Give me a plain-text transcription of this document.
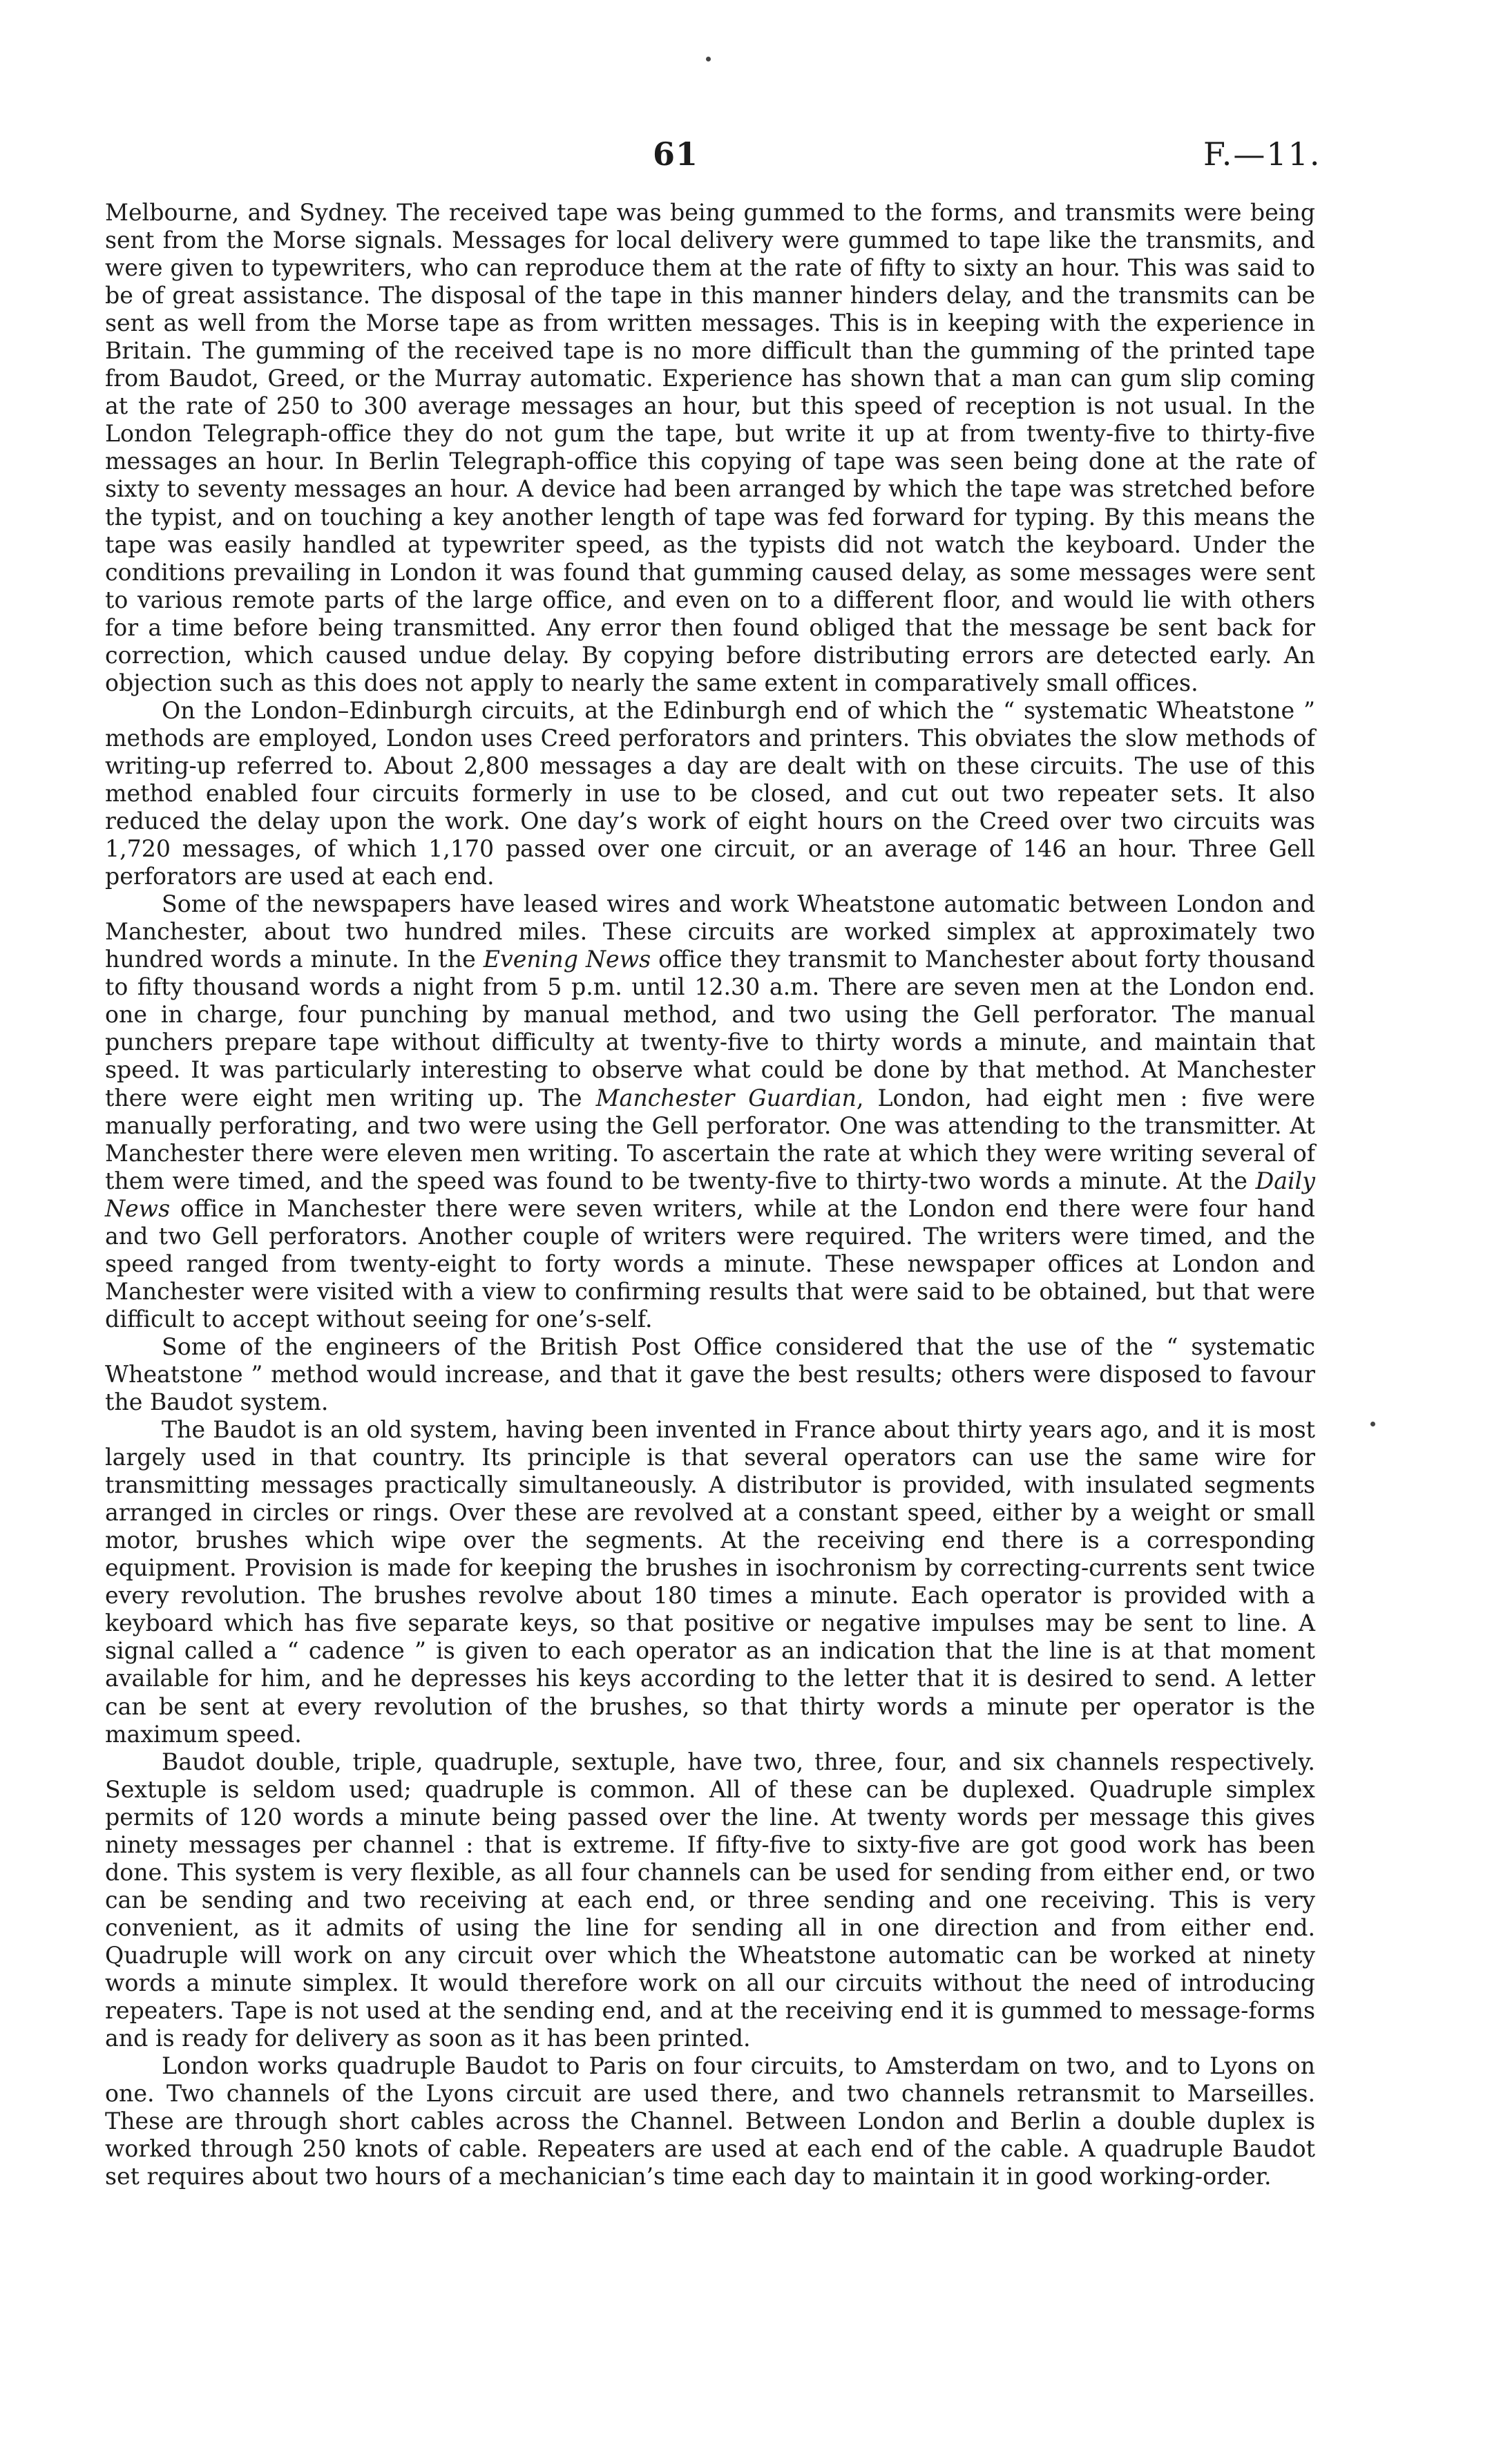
61	F.—11.

Melbourne, and Sydney. The received tape was being gummed to the forms, and transmits were being sent from the Morse signals. Messages for local delivery were gummed to tape like the transmits, and were given to typewriters, who can reproduce them at the rate of fifty to sixty an hour. This was said to be of great assistance. The disposal of the tape in this manner hinders delay, and the transmits can be sent as well from the Morse tape as from written messages. This is in keeping with the experience in Britain. The gumming of the received tape is no more difficult than the gumming of the printed tape from Baudot, Greed, or the Murray automatic. Experience has shown that a man can gum slip coming at the rate of 250 to 300 average messages an hour, but this speed of reception is not usual. In the London Telegraph-office they do not gum the tape, but write it up at from twenty-five to thirty-five messages an hour. In Berlin Telegraph-office this copying of tape was seen being done at the rate of sixty to seventy messages an hour. A device had been arranged by which the tape was stretched before the typist, and on touching a key another length of tape was fed forward for typing. By this means the tape was easily handled at typewriter speed, as the typists did not watch the keyboard. Under the conditions prevailing in London it was found that gumming caused delay, as some messages were sent to various remote parts of the large office, and even on to a different floor, and would lie with others for a time before being transmitted. Any error then found obliged that the message be sent back for correction, which caused undue delay. By copying before distributing errors are detected early. An objection such as this does not apply to nearly the same extent in comparatively small offices.

On the London–Edinburgh circuits, at the Edinburgh end of which the “ systematic Wheatstone ” methods are employed, London uses Creed perforators and printers. This obviates the slow methods of writing-up referred to. About 2,800 messages a day are dealt with on these circuits. The use of this method enabled four circuits formerly in use to be closed, and cut out two repeater sets. It also reduced the delay upon the work. One day’s work of eight hours on the Creed over two circuits was 1,720 messages, of which 1,170 passed over one circuit, or an average of 146 an hour. Three Gell perforators are used at each end.

Some of the newspapers have leased wires and work Wheatstone automatic between London and Manchester, about two hundred miles. These circuits are worked simplex at approximately two hundred words a minute. In the Evening News office they transmit to Manchester about forty thousand to fifty thousand words a night from 5 p.m. until 12.30 a.m. There are seven men at the London end. one in charge, four punching by manual method, and two using the Gell perforator. The manual punchers prepare tape without difficulty at twenty-five to thirty words a minute, and maintain that speed. It was particularly interesting to observe what could be done by that method. At Manchester there were eight men writing up. The Manchester Guardian, London, had eight men : five were manually perforating, and two were using the Gell perforator. One was attending to the transmitter. At Manchester there were eleven men writing. To ascertain the rate at which they were writing several of them were timed, and the speed was found to be twenty-five to thirty-two words a minute. At the Daily News office in Manchester there were seven writers, while at the London end there were four hand and two Gell perforators. Another couple of writers were required. The writers were timed, and the speed ranged from twenty-eight to forty words a minute. These newspaper offices at London and Manchester were visited with a view to confirming results that were said to be obtained, but that were difficult to accept without seeing for one’s-self.

Some of the engineers of the British Post Office considered that the use of the “ systematic Wheatstone ” method would increase, and that it gave the best results; others were disposed to favour the Baudot system.

The Baudot is an old system, having been invented in France about thirty years ago, and it is most largely used in that country. Its principle is that several operators can use the same wire for transmitting messages practically simultaneously. A distributor is provided, with insulated segments arranged in circles or rings. Over these are revolved at a constant speed, either by a weight or small motor, brushes which wipe over the segments. At the receiving end there is a corresponding equipment. Provision is made for keeping the brushes in isochronism by correcting-currents sent twice every revolution. The brushes revolve about 180 times a minute. Each operator is provided with a keyboard which has five separate keys, so that positive or negative impulses may be sent to line. A signal called a “ cadence ” is given to each operator as an indication that the line is at that moment available for him, and he depresses his keys according to the letter that it is desired to send. A letter can be sent at every revolution of the brushes, so that thirty words a minute per operator is the maximum speed.

Baudot double, triple, quadruple, sextuple, have two, three, four, and six channels respectively. Sextuple is seldom used; quadruple is common. All of these can be duplexed. Quadruple simplex permits of 120 words a minute being passed over the line. At twenty words per message this gives ninety messages per channel : that is extreme. If fifty-five to sixty-five are got good work has been done. This system is very flexible, as all four channels can be used for sending from either end, or two can be sending and two receiving at each end, or three sending and one receiving. This is very convenient, as it admits of using the line for sending all in one direction and from either end. Quadruple will work on any circuit over which the Wheatstone automatic can be worked at ninety words a minute simplex. It would therefore work on all our circuits without the need of introducing repeaters. Tape is not used at the sending end, and at the receiving end it is gummed to message-forms and is ready for delivery as soon as it has been printed.

London works quadruple Baudot to Paris on four circuits, to Amsterdam on two, and to Lyons on one. Two channels of the Lyons circuit are used there, and two channels retransmit to Marseilles. These are through short cables across the Channel. Between London and Berlin a double duplex is worked through 250 knots of cable. Repeaters are used at each end of the cable. A quadruple Baudot set requires about two hours of a mechanician’s time each day to maintain it in good working-order.
